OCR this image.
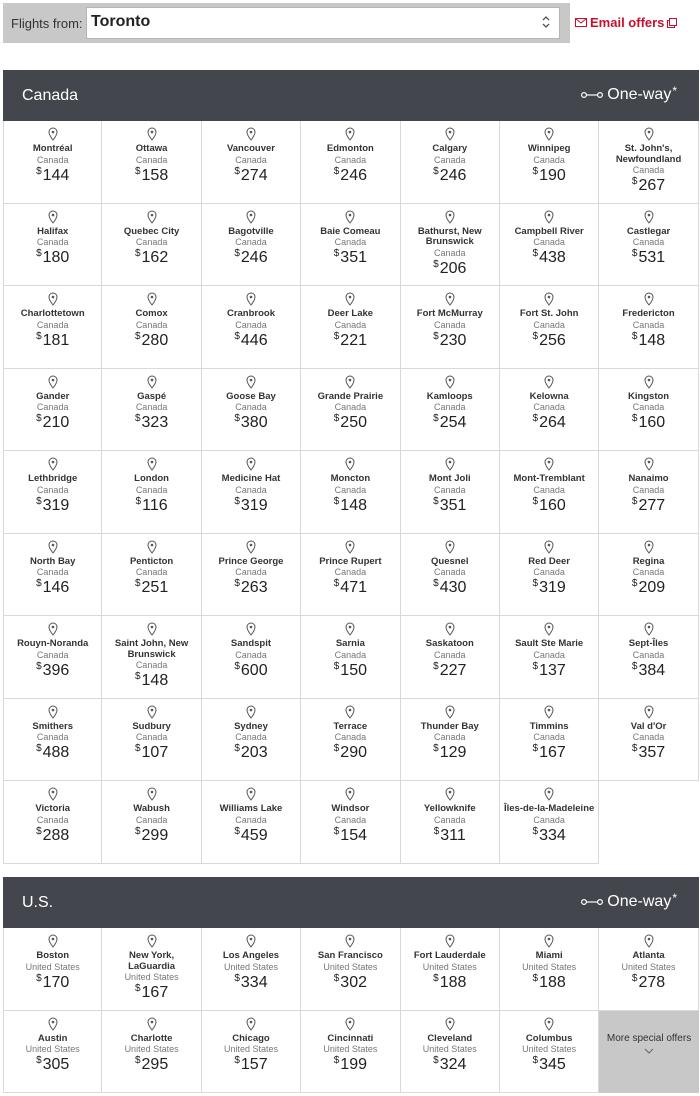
Flights from: Toronto	Email offers
Canada	One-way*
Montréal
Canada
$144
Ottawa
Canada
$158
Vancouver
Canada
$274
Edmonton
Canada
$246
Calgary
Canada
$246
Winnipeg
Canada
$190
St. John's, Newfoundland
Canada
$267
Halifax
Canada
$180
Quebec City
Canada
$162
Bagotville
Canada
$246
Baie Comeau
Canada
$351
Bathurst, New Brunswick
Canada
$206
Campbell River
Canada
$438
Castlegar
Canada
$531
Charlottetown
Canada
$181
Comox
Canada
$280
Cranbrook
Canada
$446
Deer Lake
Canada
$221
Fort McMurray
Canada
$230
Fort St. John
Canada
$256
Fredericton
Canada
$148
Gander
Canada
$210
Gaspé
Canada
$323
Goose Bay
Canada
$380
Grande Prairie
Canada
$250
Kamloops
Canada
$254
Kelowna
Canada
$264
Kingston
Canada
$160
Lethbridge
Canada
$319
London
Canada
$116
Medicine Hat
Canada
$319
Moncton
Canada
$148
Mont Joli
Canada
$351
Mont-Tremblant
Canada
$160
Nanaimo
Canada
$277
North Bay
Canada
$146
Penticton
Canada
$251
Prince George
Canada
$263
Prince Rupert
Canada
$471
Quesnel
Canada
$430
Red Deer
Canada
$319
Regina
Canada
$209
Rouyn-Noranda
Canada
$396
Saint John, New Brunswick
Canada
$148
Sandspit
Canada
$600
Sarnia
Canada
$150
Saskatoon
Canada
$227
Sault Ste Marie
Canada
$137
Sept-Îles
Canada
$384
Smithers
Canada
$488
Sudbury
Canada
$107
Sydney
Canada
$203
Terrace
Canada
$290
Thunder Bay
Canada
$129
Timmins
Canada
$167
Val d'Or
Canada
$357
Victoria
Canada
$288
Wabush
Canada
$299
Williams Lake
Canada
$459
Windsor
Canada
$154
Yellowknife
Canada
$311
Îles-de-la-Madeleine
Canada
$334
U.S.	One-way*
Boston
United States
$170
New York, LaGuardia
United States
$167
Los Angeles
United States
$334
San Francisco
United States
$302
Fort Lauderdale
United States
$188
Miami
United States
$188
Atlanta
United States
$278
Austin
United States
$305
Charlotte
United States
$295
Chicago
United States
$157
Cincinnati
United States
$199
Cleveland
United States
$324
Columbus
United States
$345
More special offers
